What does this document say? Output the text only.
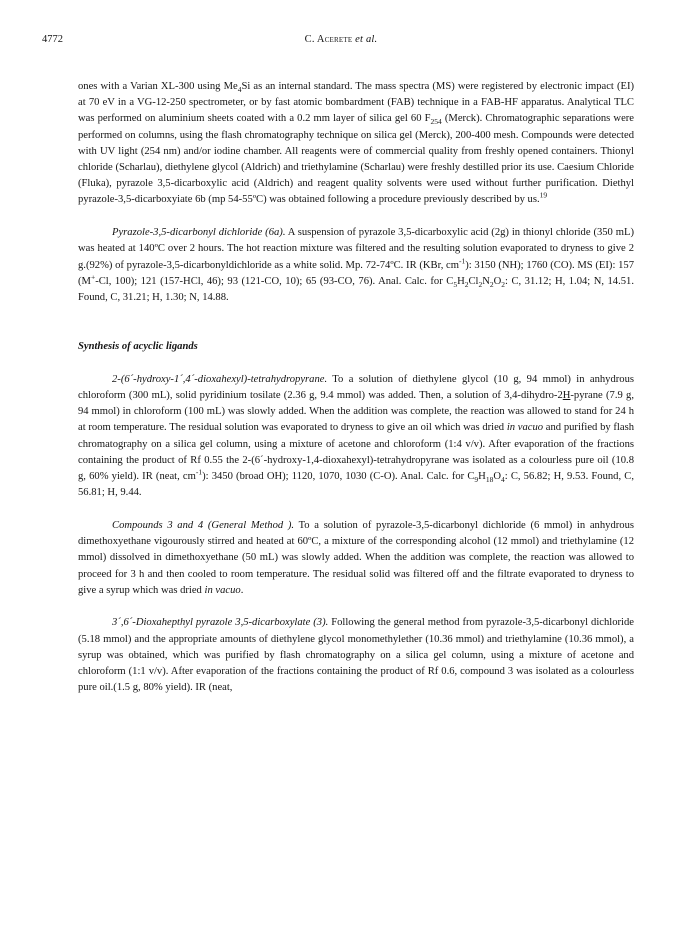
4772	C. Acerete et al.

ones with a Varian XL-300 using $Me_4Si$ as an internal standard. The mass spectra (MS) were registered by electronic impact (EI) at 70 eV in a VG-12-250 spectrometer, or by fast atomic bombardment (FAB) technique in a FAB-HF apparatus. Analytical TLC was performed on aluminium sheets coated with a 0.2 mm layer of silica gel 60 $F_{254}$ (Merck). Chromatographic separations were performed on columns, using the flash chromatography technique on silica gel (Merck), 200-400 mesh. Compounds were detected with UV light (254 nm) and/or iodine chamber. All reagents were of commercial quality from freshly opened containers. Thionyl chloride (Scharlau), diethylene glycol (Aldrich) and triethylamine (Scharlau) were freshly destilled prior its use. Caesium Chloride (Fluka), pyrazole 3,5-dicarboxylic acid (Aldrich) and reagent quality solvents were used without further purification. Diethyl pyrazole-3,5-dicarboxyiate 6b (mp 54-55ºC) was obtained following a procedure previously described by us.$^{19}$

Pyrazole-3,5-dicarbonyl dichloride (6a). A suspension of pyrazole 3,5-dicarboxylic acid (2g) in thionyl chloride (350 mL) was heated at 140ºC over 2 hours. The hot reaction mixture was filtered and the resulting solution evaporated to dryness to give 2 g.(92%) of pyrazole-3,5-dicarbonyldichloride as a white solid. Mp. 72-74ºC. IR (KBr, $cm^{-1}$): 3150 (NH); 1760 (CO). MS (EI): 157 (M+-Cl, 100); 121 (157-HCl, 46); 93 (121-CO, 10); 65 (93-CO, 76). Anal. Calc. for $C_5H_2Cl_2N_2O_2$: C, 31.12; H, 1.04; N, 14.51. Found, C, 31.21; H, 1.30; N, 14.88.

Synthesis of acyclic ligands

2-(6´-hydroxy-1´,4´-dioxahexyl)-tetrahydropyrane. To a solution of diethylene glycol (10 g, 94 mmol) in anhydrous chloroform (300 mL), solid pyridinium tosilate (2.36 g, 9.4 mmol) was added. Then, a solution of 3,4-dihydro-2H-pyrane (7.9 g, 94 mmol) in chloroform (100 mL) was slowly added. When the addition was complete, the reaction was allowed to stand for 24 h at room temperature. The residual solution was evaporated to dryness to give an oil which was dried in vacuo and purified by flash chromatography on a silica gel column, using a mixture of acetone and chloroform (1:4 v/v). After evaporation of the fractions containing the product of Rf 0.55 the 2-(6´-hydroxy-1,4-dioxahexyl)-tetrahydropyrane was isolated as a colourless pure oil (10.8 g, 60% yield). IR (neat, $cm^{-1}$): 3450 (broad OH); 1120, 1070, 1030 (C-O). Anal. Calc. for $C_9H_{18}O_4$: C, 56.82; H, 9.53. Found, C, 56.81; H, 9.44.

Compounds 3 and 4 (General Method ). To a solution of pyrazole-3,5-dicarbonyl dichloride (6 mmol) in anhydrous dimethoxyethane vigourously stirred and heated at 60ºC, a mixture of the corresponding alcohol (12 mmol) and triethylamine (12 mmol) dissolved in dimethoxyethane (50 mL) was slowly added. When the addition was complete, the reaction was allowed to proceed for 3 h and then cooled to room temperature. The residual solid was filtered off and the filtrate evaporated to dryness to give a syrup which was dried in vacuo.

3´,6´-Dioxahepthyl pyrazole 3,5-dicarboxylate (3). Following the general method from pyrazole-3,5-dicarbonyl dichloride (5.18 mmol) and the appropriate amounts of diethylene glycol monomethylether (10.36 mmol) and triethylamine (10.36 mmol), a syrup was obtained, which was purified by flash chromatography on a silica gel column, using a mixture of acetone and chloroform (1:1 v/v). After evaporation of the fractions containing the product of Rf 0.6, compound 3 was isolated as a colourless pure oil.(1.5 g, 80% yield). IR (neat,
